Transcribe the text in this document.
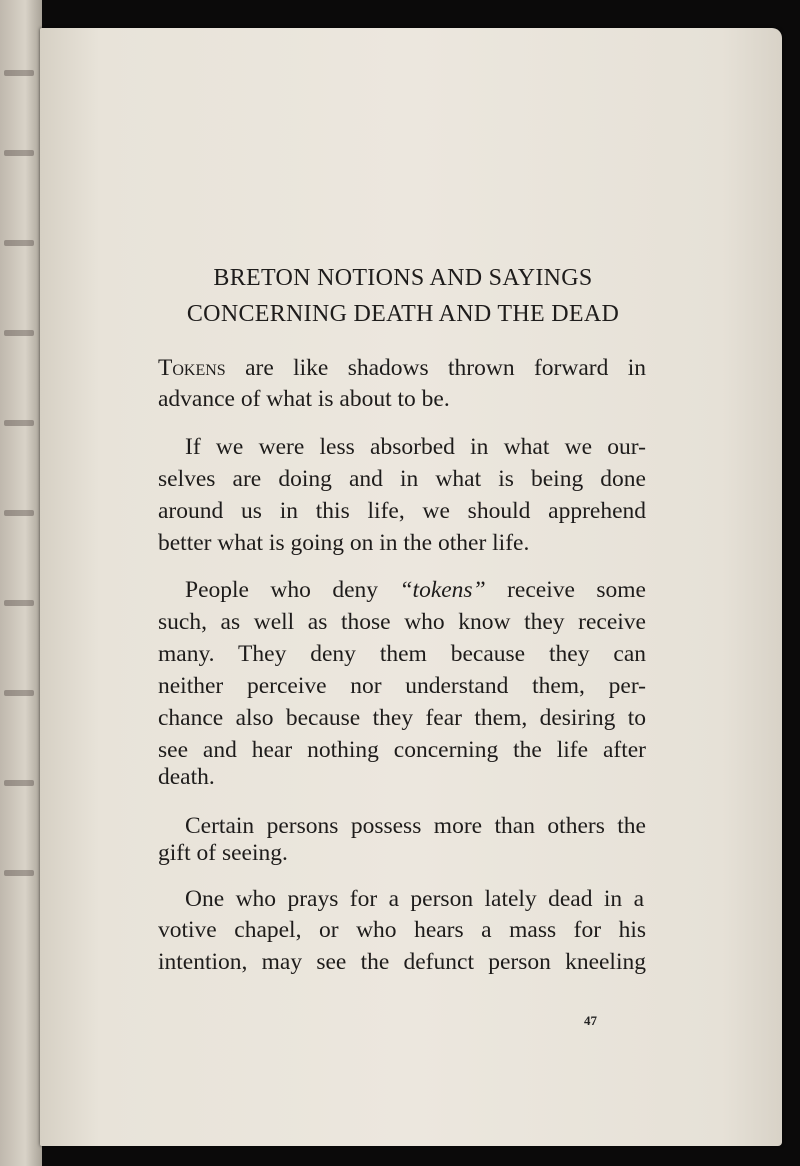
BRETON NOTIONS AND SAYINGS
CONCERNING DEATH AND THE DEAD
Tokens are like shadows thrown forward in
advance of what is about to be.
If we were less absorbed in what we our-
selves are doing and in what is being done
around us in this life, we should apprehend
better what is going on in the other life.
People who deny “tokens” receive some
such, as well as those who know they receive
many. They deny them because they can
neither perceive nor understand them, per-
chance also because they fear them, desiring to
see and hear nothing concerning the life after
death.
Certain persons possess more than others the
gift of seeing.
One who prays for a person lately dead in a
votive chapel, or who hears a mass for his
intention, may see the defunct person kneeling
47
